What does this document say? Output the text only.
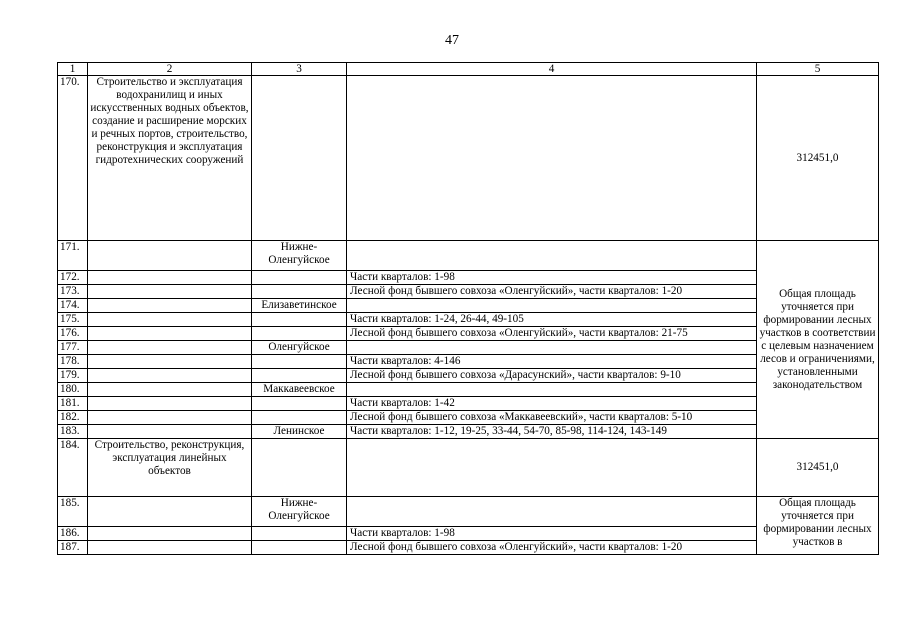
47
1	2	3	4	5
170.	Строительство и эксплуатация водохранилищ и иных искусственных водных объектов, создание и расширение морских и речных портов, строительство, реконструкция и эксплуатация гидротехнических сооружений			312451,0
171.		Нижне-Оленгуйское		Общая площадь уточняется при формировании лесных участков в соответствии с целевым назначением лесов и ограничениями, установленными законодательством
172.			Части кварталов: 1-98	
173.			Лесной фонд бывшего совхоза «Оленгуйский», части кварталов: 1-20	
174.		Елизаветинское		
175.			Части кварталов: 1-24, 26-44, 49-105	
176.			Лесной фонд бывшего совхоза «Оленгуйский», части кварталов: 21-75	
177.		Оленгуйское		
178.			Части кварталов: 4-146	
179.			Лесной фонд бывшего совхоза «Дарасунский», части кварталов: 9-10	
180.		Маккавеевское		
181.			Части кварталов: 1-42	
182.			Лесной фонд бывшего совхоза «Маккавеевский», части кварталов: 5-10	
183.		Ленинское	Части кварталов: 1-12, 19-25, 33-44, 54-70, 85-98, 114-124, 143-149	
184.	Строительство, реконструкция, эксплуатация линейных объектов			312451,0
185.		Нижне-Оленгуйское		Общая площадь уточняется при формировании лесных участков в
186.			Части кварталов: 1-98	
187.			Лесной фонд бывшего совхоза «Оленгуйский», части кварталов: 1-20	
